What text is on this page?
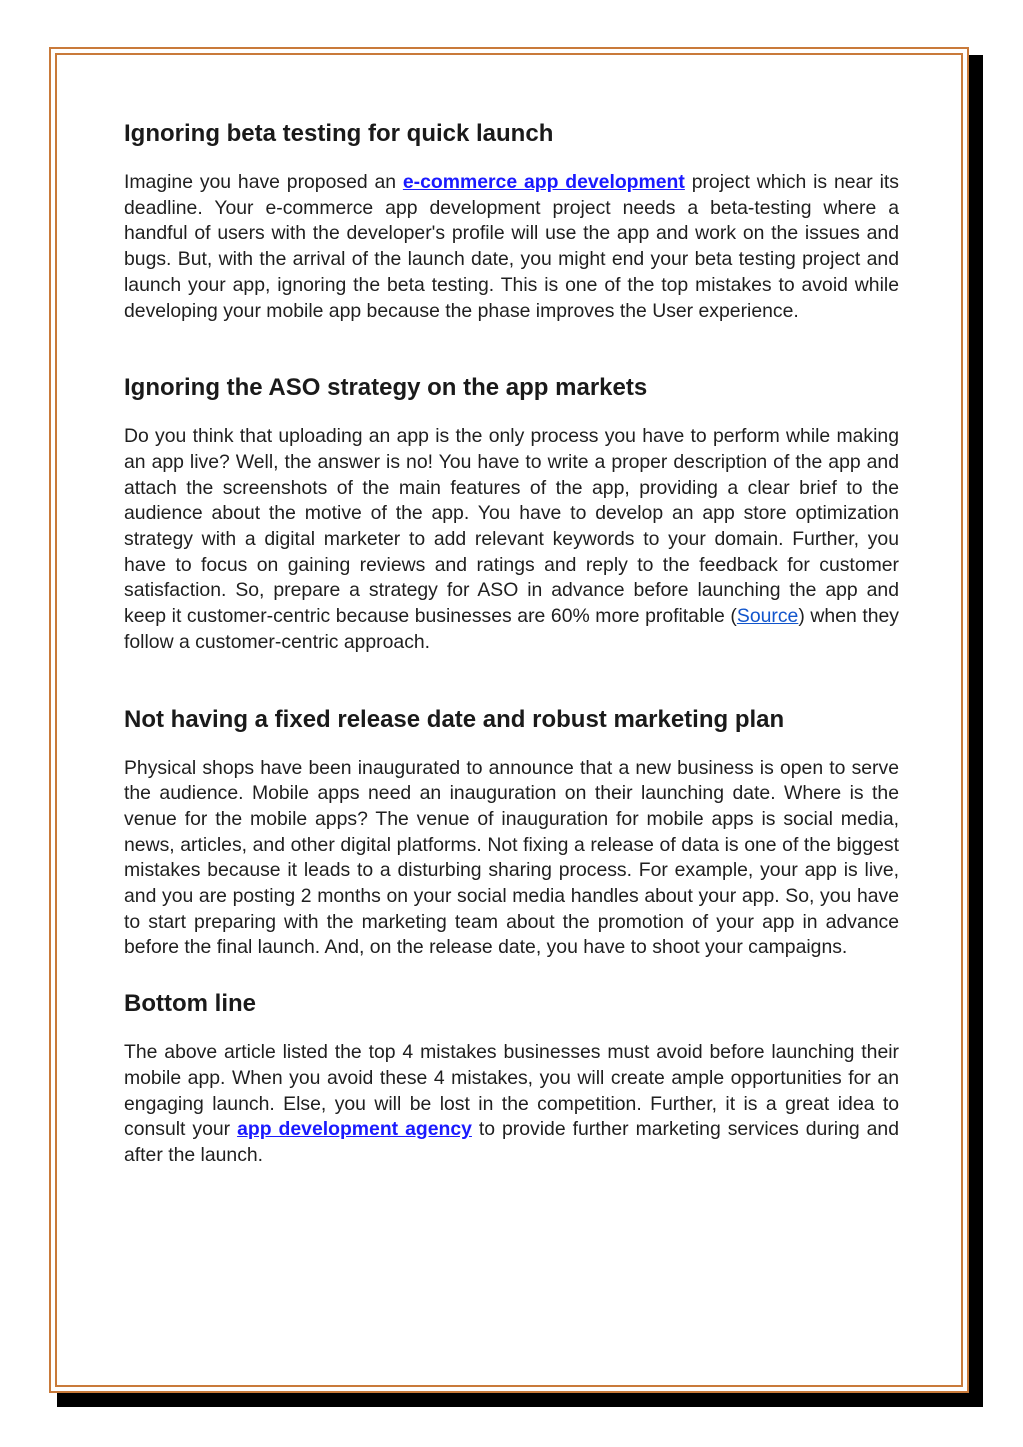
Ignoring beta testing for quick launch

Imagine you have proposed an e-commerce app development project which is near its deadline. Your e-commerce app development project needs a beta-testing where a handful of users with the developer's profile will use the app and work on the issues and bugs. But, with the arrival of the launch date, you might end your beta testing project and launch your app, ignoring the beta testing. This is one of the top mistakes to avoid while developing your mobile app because the phase improves the User experience.

Ignoring the ASO strategy on the app markets

Do you think that uploading an app is the only process you have to perform while making an app live? Well, the answer is no! You have to write a proper description of the app and attach the screenshots of the main features of the app, providing a clear brief to the audience about the motive of the app. You have to develop an app store optimization strategy with a digital marketer to add relevant keywords to your domain. Further, you have to focus on gaining reviews and ratings and reply to the feedback for customer satisfaction. So, prepare a strategy for ASO in advance before launching the app and keep it customer-centric because businesses are 60% more profitable (Source) when they follow a customer-centric approach.

Not having a fixed release date and robust marketing plan

Physical shops have been inaugurated to announce that a new business is open to serve the audience. Mobile apps need an inauguration on their launching date. Where is the venue for the mobile apps? The venue of inauguration for mobile apps is social media, news, articles, and other digital platforms. Not fixing a release of data is one of the biggest mistakes because it leads to a disturbing sharing process. For example, your app is live, and you are posting 2 months on your social media handles about your app. So, you have to start preparing with the marketing team about the promotion of your app in advance before the final launch. And, on the release date, you have to shoot your campaigns.

Bottom line

The above article listed the top 4 mistakes businesses must avoid before launching their mobile app. When you avoid these 4 mistakes, you will create ample opportunities for an engaging launch. Else, you will be lost in the competition. Further, it is a great idea to consult your app development agency to provide further marketing services during and after the launch.
